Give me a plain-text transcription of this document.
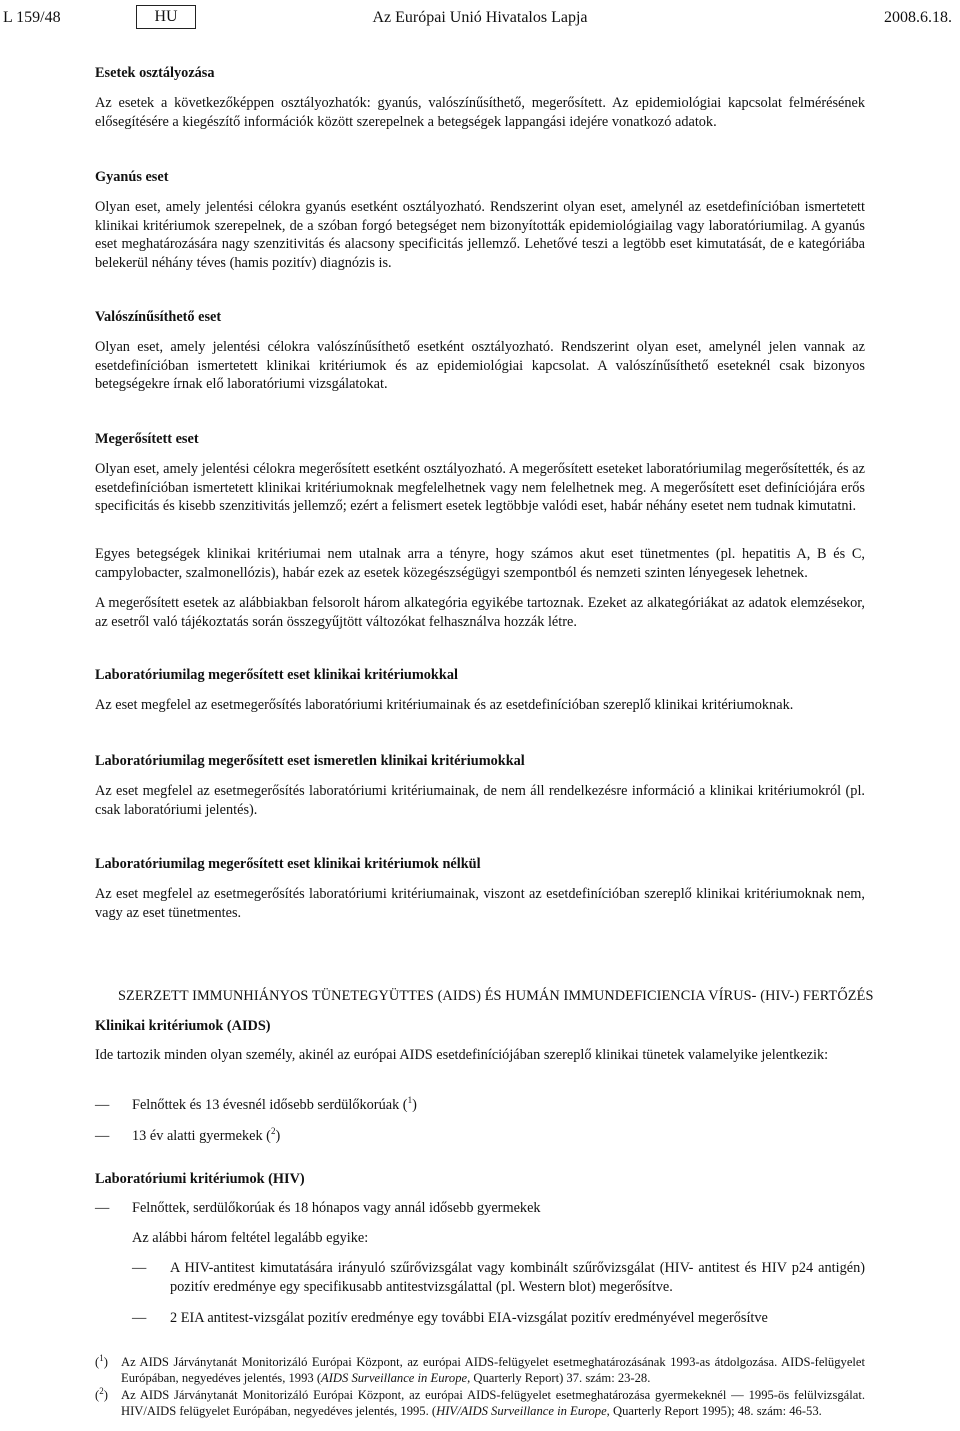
L 159/48	HU	Az Európai Unió Hivatalos Lapja	2008.6.18.
Esetek osztályozása

Az esetek a következőképpen osztályozhatók: gyanús, valószínűsíthető, megerősített. Az epidemiológiai kapcsolat felmérésének elősegítésére a kiegészítő információk között szerepelnek a betegségek lappangási idejére vonatkozó adatok.

Gyanús eset

Olyan eset, amely jelentési célokra gyanús esetként osztályozható. Rendszerint olyan eset, amelynél az esetdefinícióban ismertetett klinikai kritériumok szerepelnek, de a szóban forgó betegséget nem bizonyították epidemiológiailag vagy laboratóriumilag. A gyanús eset meghatározására nagy szenzitivitás és alacsony specificitás jellemző. Lehetővé teszi a legtöbb eset kimutatását, de e kategóriába belekerül néhány téves (hamis pozitív) diagnózis is.

Valószínűsíthető eset

Olyan eset, amely jelentési célokra valószínűsíthető esetként osztályozható. Rendszerint olyan eset, amelynél jelen vannak az esetdefinícióban ismertetett klinikai kritériumok és az epidemiológiai kapcsolat. A valószínűsíthető eseteknél csak bizonyos betegségekre írnak elő laboratóriumi vizsgálatokat.

Megerősített eset

Olyan eset, amely jelentési célokra megerősített esetként osztályozható. A megerősített eseteket laboratóriumilag megerősítették, és az esetdefinícióban ismertetett klinikai kritériumoknak megfelelhetnek vagy nem felelhetnek meg. A megerősített eset definíciójára erős specificitás és kisebb szenzitivitás jellemző; ezért a felismert esetek legtöbbje valódi eset, habár néhány esetet nem tudnak kimutatni.

Egyes betegségek klinikai kritériumai nem utalnak arra a tényre, hogy számos akut eset tünetmentes (pl. hepatitis A, B és C, campylobacter, szalmonellózis), habár ezek az esetek közegészségügyi szempontból és nemzeti szinten lényegesek lehetnek.

A megerősített esetek az alábbiakban felsorolt három alkategória egyikébe tartoznak. Ezeket az alkategóriákat az adatok elemzésekor, az esetről való tájékoztatás során összegyűjtött változókat felhasználva hozzák létre.

Laboratóriumilag megerősített eset klinikai kritériumokkal

Az eset megfelel az esetmegerősítés laboratóriumi kritériumainak és az esetdefinícióban szereplő klinikai kritériumoknak.

Laboratóriumilag megerősített eset ismeretlen klinikai kritériumokkal

Az eset megfelel az esetmegerősítés laboratóriumi kritériumainak, de nem áll rendelkezésre információ a klinikai kritériumokról (pl. csak laboratóriumi jelentés).

Laboratóriumilag megerősített eset klinikai kritériumok nélkül

Az eset megfelel az esetmegerősítés laboratóriumi kritériumainak, viszont az esetdefinícióban szereplő klinikai kritériumoknak nem, vagy az eset tünetmentes.

SZERZETT IMMUNHIÁNYOS TÜNETEGYÜTTES (AIDS) ÉS HUMÁN IMMUNDEFICIENCIA VÍRUS- (HIV-) FERTŐZÉS

Klinikai kritériumok (AIDS)

Ide tartozik minden olyan személy, akinél az európai AIDS esetdefiníciójában szereplő klinikai tünetek valamelyike jelentkezik:

— Felnőttek és 13 évesnél idősebb serdülőkorúak ($^1$)
— 13 év alatti gyermekek ($^2$)
Laboratóriumi kritériumok (HIV)
— Felnőttek, serdülőkorúak és 18 hónapos vagy annál idősebb gyermekek

Az alábbi három feltétel legalább egyike:

— A HIV-antitest kimutatására irányuló szűrővizsgálat vagy kombinált szűrővizsgálat (HIV- antitest és HIV p24 antigén) pozitív eredménye egy specifikusabb antitestvizsgálattal (pl. Western blot) megerősítve.
— 2 EIA antitest-vizsgálat pozitív eredménye egy további EIA-vizsgálat pozitív eredményével megerősítve
($^1$) Az AIDS Járványtanát Monitorizáló Európai Központ, az európai AIDS-felügyelet esetmeghatározásának 1993-as átdolgozása. AIDS-felügyelet Európában, negyedéves jelentés, 1993 (AIDS Surveillance in Europe, Quarterly Report) 37. szám: 23-28.
($^2$) Az AIDS Járványtanát Monitorizáló Európai Központ, az európai AIDS-felügyelet esetmeghatározása gyermekeknél — 1995-ös felülvizsgálat. HIV/AIDS felügyelet Európában, negyedéves jelentés, 1995. (HIV/AIDS Surveillance in Europe, Quarterly Report 1995); 48. szám: 46-53.
